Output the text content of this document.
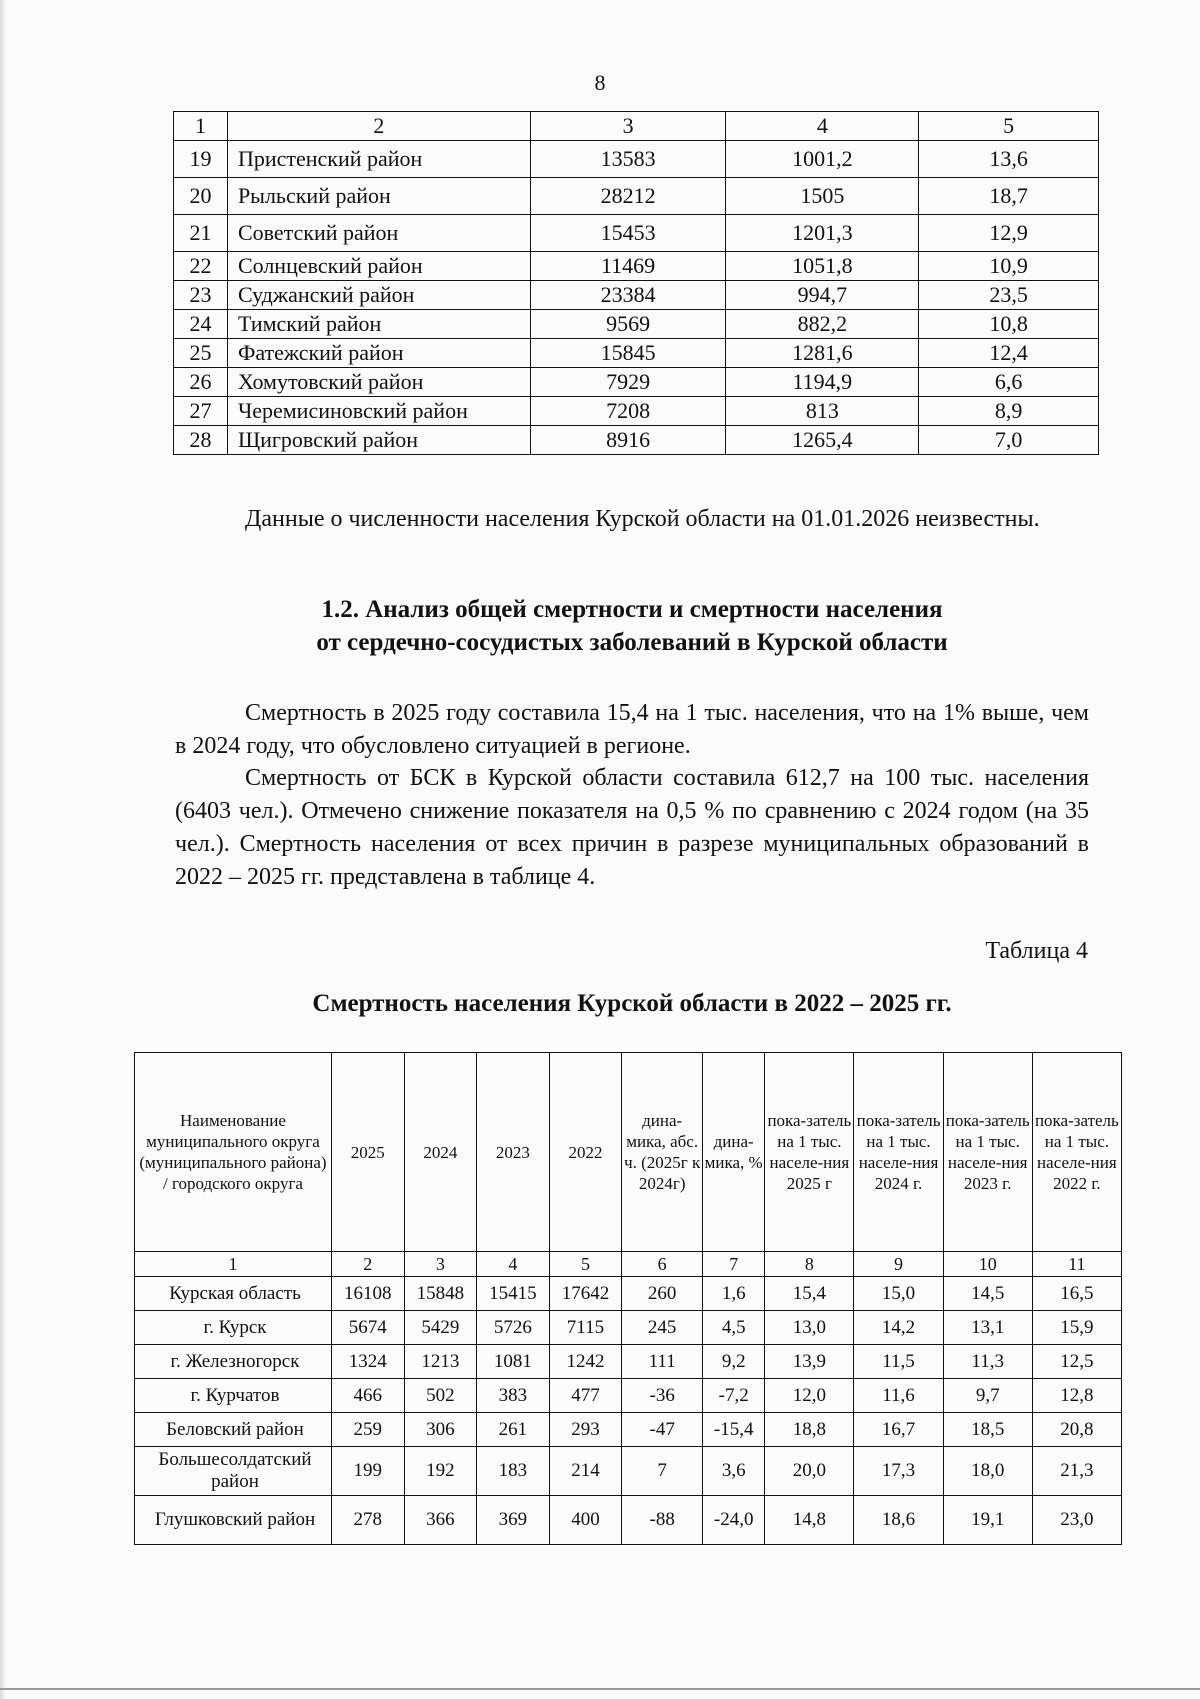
8
1	2	3	4	5
19	Пристенский район	13583	1001,2	13,6
20	Рыльский район	28212	1505	18,7
21	Советский район	15453	1201,3	12,9
22	Солнцевский район	11469	1051,8	10,9
23	Суджанский район	23384	994,7	23,5
24	Тимский район	9569	882,2	10,8
25	Фатежский район	15845	1281,6	12,4
26	Хомутовский район	7929	1194,9	6,6
27	Черемисиновский район	7208	813	8,9
28	Щигровский район	8916	1265,4	7,0
Данные о численности населения Курской области на 01.01.2026 неизвестны.
1.2. Анализ общей смертности и смертности населения
от сердечно-сосудистых заболеваний в Курской области
Смертность в 2025 году составила 15,4 на 1 тыс. населения, что на 1% выше, чем в 2024 году, что обусловлено ситуацией в регионе.
Смертность от БСК в Курской области составила 612,7 на 100 тыс. населения (6403 чел.). Отмечено снижение показателя на 0,5 % по сравнению с 2024 годом (на 35 чел.). Смертность населения от всех причин в разрезе муниципальных образований в 2022 – 2025 гг. представлена в таблице 4.
Таблица 4
Смертность населения Курской области в 2022 – 2025 гг.
Наименование муниципального округа (муниципального района) / городского округа	2025	2024	2023	2022	дина-мика, абс. ч. (2025г к 2024г)	дина-мика, %	пока-затель на 1 тыс. населе-ния 2025 г	пока-затель на 1 тыс. населе-ния 2024 г.	пока-затель на 1 тыс. населе-ния 2023 г.	пока-затель на 1 тыс. населе-ния 2022 г.
1	2	3	4	5	6	7	8	9	10	11
Курская область	16108	15848	15415	17642	260	1,6	15,4	15,0	14,5	16,5
г. Курск	5674	5429	5726	7115	245	4,5	13,0	14,2	13,1	15,9
г. Железногорск	1324	1213	1081	1242	111	9,2	13,9	11,5	11,3	12,5
г. Курчатов	466	502	383	477	-36	-7,2	12,0	11,6	9,7	12,8
Беловский район	259	306	261	293	-47	-15,4	18,8	16,7	18,5	20,8
Большесолдатский район	199	192	183	214	7	3,6	20,0	17,3	18,0	21,3
Глушковский район	278	366	369	400	-88	-24,0	14,8	18,6	19,1	23,0
